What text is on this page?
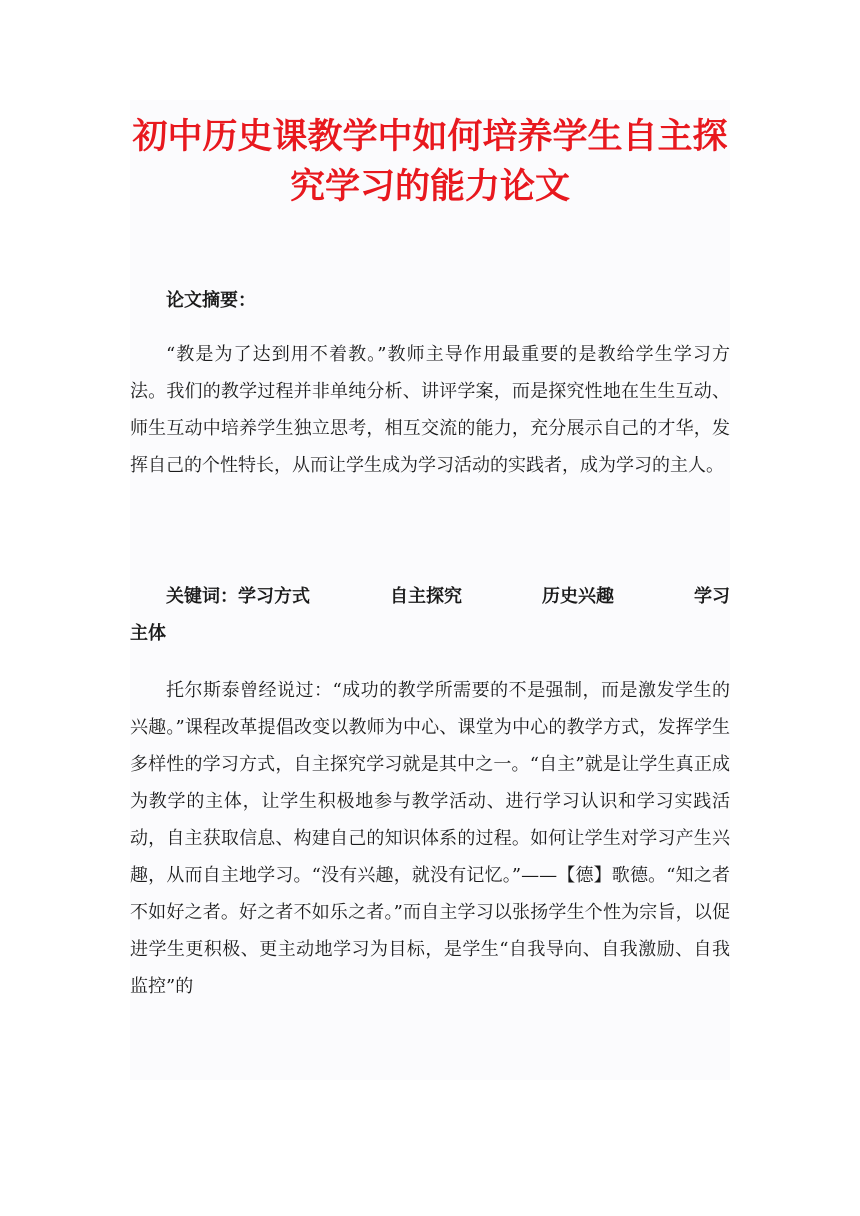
初中历史课教学中如何培养学生自主探究学习的能力论文

论文摘要：

“教是为了达到用不着教。”教师主导作用最重要的是教给学生学习方法。我们的教学过程并非单纯分析、讲评学案，而是探究性地在生生互动、师生互动中培养学生独立思考，相互交流的能力，充分展示自己的才华，发挥自己的个性特长，从而让学生成为学习活动的实践者，成为学习的主人。

关键词：学习方式	自主探究	历史兴趣	学习
主体

托尔斯泰曾经说过：“成功的教学所需要的不是强制，而是激发学生的兴趣。”课程改革提倡改变以教师为中心、课堂为中心的教学方式，发挥学生多样性的学习方式，自主探究学习就是其中之一。“自主”就是让学生真正成为教学的主体，让学生积极地参与教学活动、进行学习认识和学习实践活动，自主获取信息、构建自己的知识体系的过程。如何让学生对学习产生兴趣，从而自主地学习。“没有兴趣，就没有记忆。”——【德】歌德。“知之者不如好之者。好之者不如乐之者。”而自主学习以张扬学生个性为宗旨，以促进学生更积极、更主动地学习为目标，是学生“自我导向、自我激励、自我监控”的
